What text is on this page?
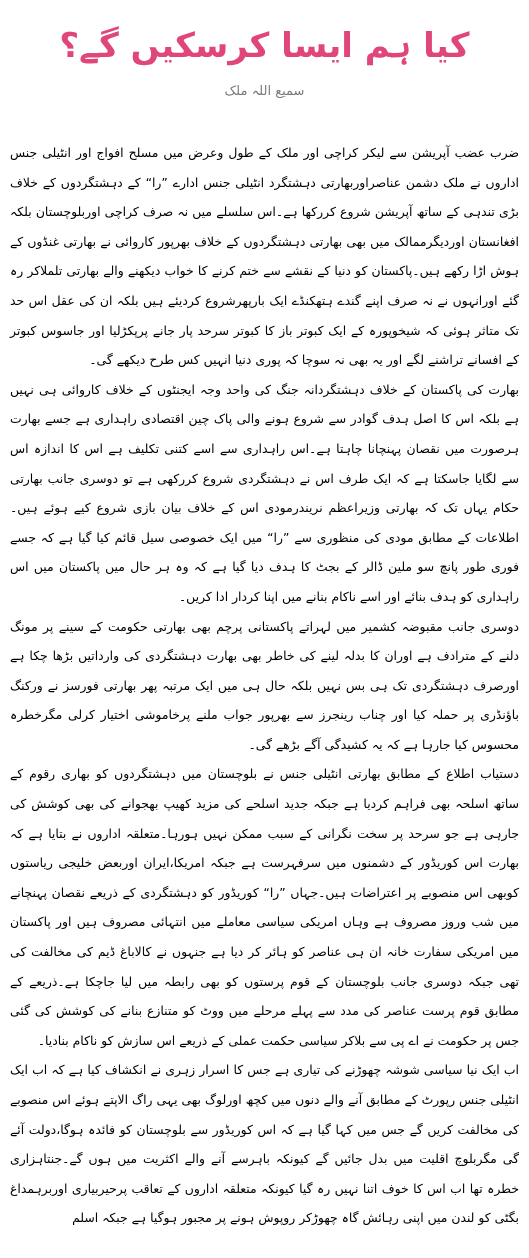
کیا ہم ایسا کرسکیں گے؟
سمیع اللہ ملک

ضرب عضب آپریشن سے لیکر کراچی اور ملک کے طول وعرض میں مسلح افواج اور انٹیلی جنس اداروں نے ملک دشمن عناصراوربھارتی دہشتگرد انٹیلی جنس ادارے ”را“ کے دہشتگردوں کے خلاف بڑی تندہی کے ساتھ آپریشن شروع کررکھا ہے۔اس سلسلے میں نہ صرف کراچی اوربلوچستان بلکہ افغانستان اوردیگرممالک میں بھی بھارتی دہشتگردوں کے خلاف بھرپور کاروائی نے بھارتی غنڈوں کے ہوش اڑا رکھے ہیں۔پاکستان کو دنیا کے نقشے سے ختم کرنے کا خواب دیکھنے والے بھارتی تلملاکر رہ گئے اورانہوں نے نہ صرف اپنے گندے ہتھکنڈے ایک بارپھرشروع کردیئے ہیں بلکہ ان کی عقل اس حد تک متاثر ہوئی کہ شیخوپورہ کے ایک کبوتر باز کا کبوتر سرحد پار جانے پرپکڑلیا اور جاسوس کبوتر کے افسانے تراشنے لگے اور یہ بھی نہ سوچا کہ پوری دنیا انہیں کس طرح دیکھے گی۔

بھارت کی پاکستان کے خلاف دہشتگردانہ جنگ کی واحد وجہ ایجنٹوں کے خلاف کاروائی ہی نہیں ہے بلکہ اس کا اصل ہدف گوادر سے شروع ہونے والی پاک چین اقتصادی راہداری ہے جسے بھارت ہرصورت میں نقصان پہنچانا چاہتا ہے۔اس راہداری سے اسے کتنی تکلیف ہے اس کا اندازہ اس سے لگایا جاسکتا ہے کہ ایک طرف اس نے دہشتگردی شروع کررکھی ہے تو دوسری جانب بھارتی حکام یہاں تک کہ بھارتی وزیراعظم نریندرمودی اس کے خلاف بیان بازی شروع کیے ہوئے ہیں۔اطلاعات کے مطابق مودی کی منظوری سے ”را“ میں ایک خصوصی سیل قائم کیا گیا ہے کہ جسے فوری طور پانچ سو ملین ڈالر کے بجٹ کا ہدف دیا گیا ہے کہ وہ ہر حال میں پاکستان میں اس راہداری کو ہدف بنائے اور اسے ناکام بنانے میں اپنا کردار ادا کریں۔

دوسری جانب مقبوضہ کشمیر میں لہراتے پاکستانی پرچم بھی بھارتی حکومت کے سینے پر مونگ دلنے کے مترادف ہے اوران کا بدلہ لینے کی خاطر بھی بھارت دہشتگردی کی وارداتیں بڑھا چکا ہے اورصرف دہشتگردی تک ہی بس نہیں بلکہ حال ہی میں ایک مرتبہ پھر بھارتی فورسز نے ورکنگ باؤنڈری پر حملہ کیا اور چناب رینجرز سے بھرپور جواب ملنے پرخاموشی اختیار کرلی مگرخطرہ محسوس کیا جارہا ہے کہ یہ کشیدگی آگے بڑھے گی۔

دستیاب اطلاع کے مطابق بھارتی انٹیلی جنس نے بلوچستان میں دہشتگردوں کو بھاری رقوم کے ساتھ اسلحہ بھی فراہم کردیا ہے جبکہ جدید اسلحے کی مزید کھیپ بھجوانے کی بھی کوشش کی جارہی ہے جو سرحد پر سخت نگرانی کے سبب ممکن نہیں ہورہا۔متعلقہ اداروں نے بتایا ہے کہ بھارت اس کوریڈور کے دشمنوں میں سرفہرست ہے جبکہ امریکا،ایران اوربعض خلیجی ریاستوں کوبھی اس منصوبے پر اعتراضات ہیں۔جہاں ”را“ کوریڈور کو دہشتگردی کے ذریعے نقصان پہنچانے میں شب وروز مصروف ہے وہاں امریکی سیاسی معاملے میں انتہائی مصروف ہیں اور پاکستان میں امریکی سفارت خانہ ان ہی عناصر کو ہائر کر دیا ہے جنہوں نے کالاباغ ڈیم کی مخالفت کی تھی جبکہ دوسری جانب بلوچستان کے قوم پرستوں کو بھی رابطہ میں لیا جاچکا ہے۔ذریعے کے مطابق قوم پرست عناصر کی مدد سے پہلے مرحلے میں ووٹ کو متنازع بنانے کی کوشش کی گئی جس پر حکومت نے اے پی سے بلاکر سیاسی حکمت عملی کے ذریعے اس سازش کو ناکام بنادیا۔

اب ایک نیا سیاسی شوشہ چھوڑنے کی تیاری ہے جس کا اسرار زہری نے انکشاف کیا ہے کہ اب ایک انٹیلی جنس رپورٹ کے مطابق آنے والے دنوں میں کچھ اورلوگ بھی یہی راگ الاپتے ہوئے اس منصوبے کی مخالفت کریں گے جس میں کہا گیا ہے کہ اس کوریڈور سے بلوچستان کو فائدہ ہوگا،دولت آئے گی مگربلوچ اقلیت میں بدل جائیں گے کیونکہ باہرسے آنے والے اکثریت میں ہوں گے۔جنتاہزاری خطرہ تھا اب اس کا خوف اتنا نہیں رہ گیا کیونکہ متعلقہ اداروں کے تعاقب پرحیربیاری اوربرہمداغ بگٹی کو لندن میں اپنی رہائش گاہ چھوڑکر روپوش ہونے پر مجبور ہوگیا ہے جبکہ اسلم
